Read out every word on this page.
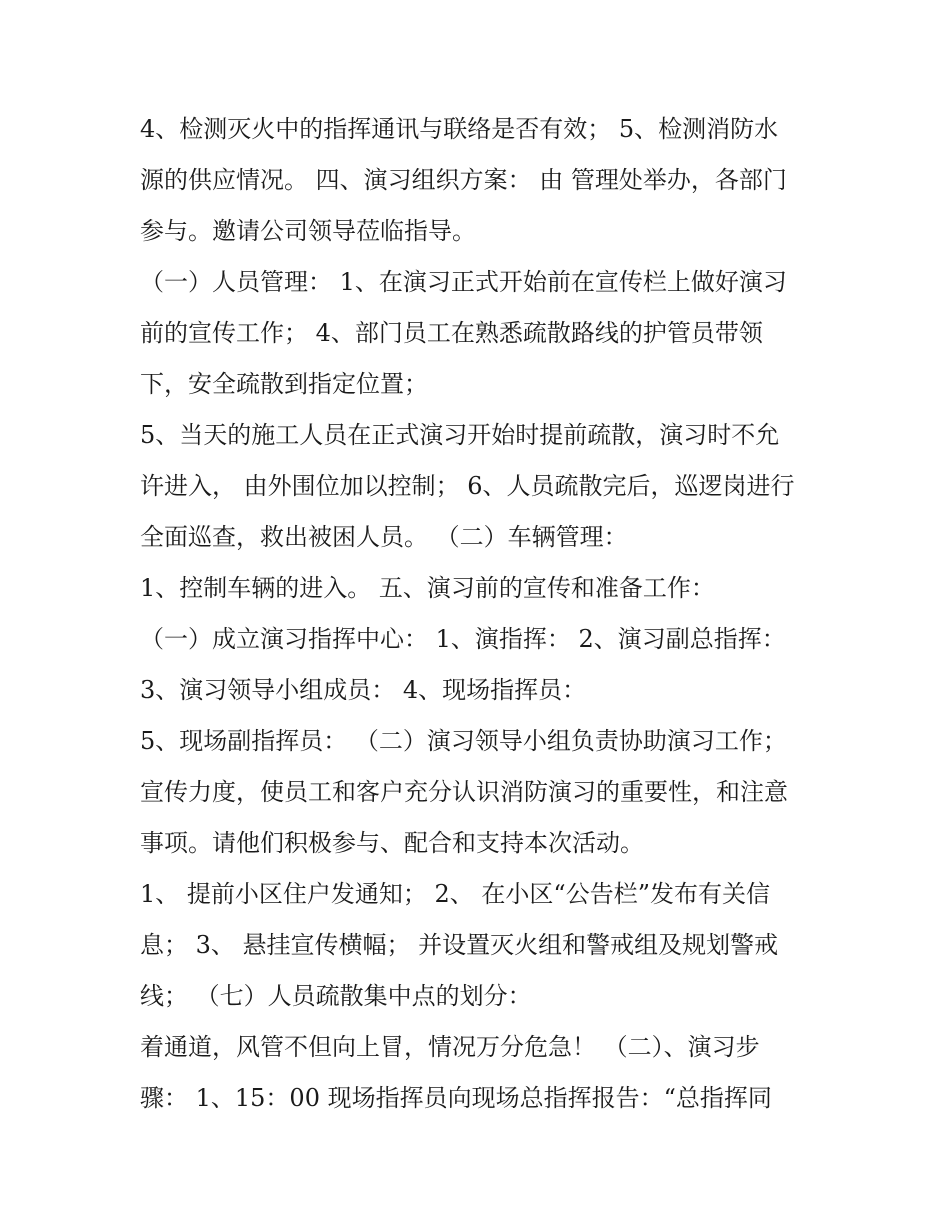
4、检测灭火中的指挥通讯与联络是否有效； 5、检测消防水
源的供应情况。 四、演习组织方案： 由 管理处举办，各部门
参与。邀请公司领导莅临指导。
（一）人员管理： 1、在演习正式开始前在宣传栏上做好演习
前的宣传工作； 4、部门员工在熟悉疏散路线的护管员带领
下，安全疏散到指定位置；
5、当天的施工人员在正式演习开始时提前疏散，演习时不允
许进入， 由外围位加以控制； 6、人员疏散完后，巡逻岗进行
全面巡查，救出被困人员。 （二）车辆管理：
1、控制车辆的进入。 五、演习前的宣传和准备工作：
（一）成立演习指挥中心： 1、演指挥： 2、演习副总指挥：
3、演习领导小组成员： 4、现场指挥员：
5、现场副指挥员： （二）演习领导小组负责协助演习工作；
宣传力度，使员工和客户充分认识消防演习的重要性，和注意
事项。请他们积极参与、配合和支持本次活动。
1、 提前小区住户发通知； 2、 在小区“公告栏”发布有关信
息； 3、 悬挂宣传横幅； 并设置灭火组和警戒组及规划警戒
线； （七）人员疏散集中点的划分：
着通道，风管不但向上冒，情况万分危急！ （二）、演习步
骤： 1、15：00 现场指挥员向现场总指挥报告：“总指挥同
